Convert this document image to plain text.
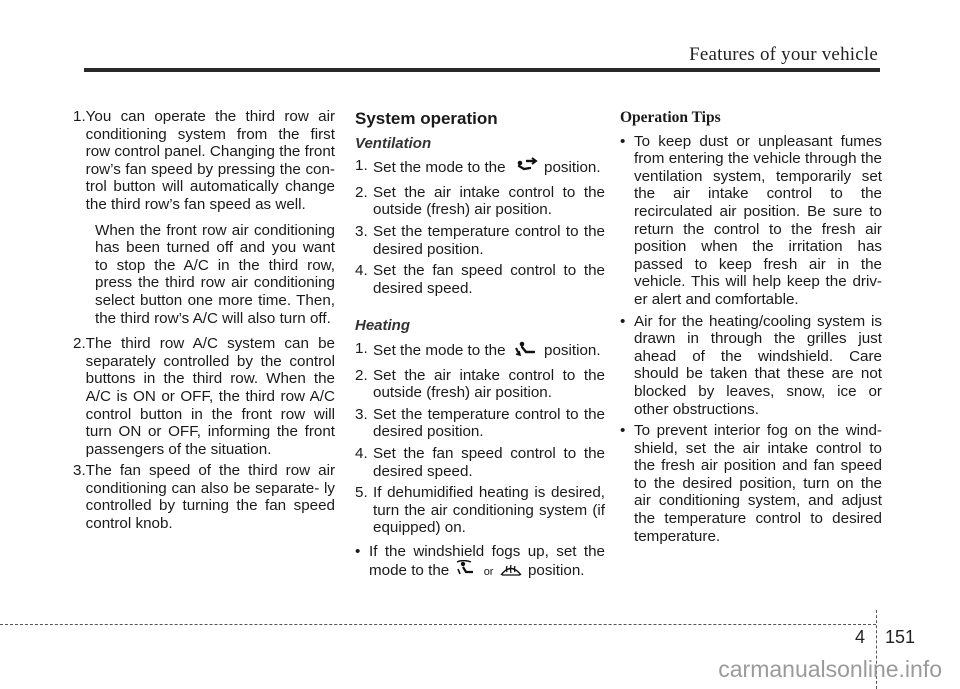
Features of your vehicle
1. You can operate the third row air conditioning system from the first row control panel. Changing the front row’s fan speed by pressing the con- trol button will automatically change the third row’s fan speed as well.
When the front row air conditioning has been turned off and you want to stop the A/C in the third row, press the third row air conditioning select button one more time. Then, the third row’s A/C will also turn off.
2. The third row A/C system can be separately controlled by the control buttons in the third row. When the A/C is ON or OFF, the third row A/C control button in the front row will turn ON or OFF, informing the front passengers of the situation.
3. The fan speed of the third row air conditioning can also be separate- ly controlled by turning the fan speed control knob.
System operation
Ventilation
1. Set the mode to the	position.
2. Set the air intake control to the outside (fresh) air position.
3. Set the temperature control to the desired position.
4. Set the fan speed control to the desired speed.
Heating
1. Set the mode to the	position.
2. Set the air intake control to the outside (fresh) air position.
3. Set the temperature control to the desired position.
4. Set the fan speed control to the desired speed.
5. If dehumidified heating is desired, turn the air conditioning system (if equipped) on.
• If the windshield fogs up, set the mode to the	or position.
Operation Tips
• To keep dust or unpleasant fumes from entering the vehicle through the ventilation system, temporarily set the air intake control to the recirculated air position. Be sure to return the control to the fresh air position when the irritation has passed to keep fresh air in the vehicle. This will help keep the driv- er alert and comfortable.
• Air for the heating/cooling system is drawn in through the grilles just ahead of the windshield. Care should be taken that these are not blocked by leaves, snow, ice or other obstructions.
• To prevent interior fog on the wind- shield, set the air intake control to the fresh air position and fan speed to the desired position, turn on the air conditioning system, and adjust the temperature control to desired temperature.
4 151
carmanualsonline.info
